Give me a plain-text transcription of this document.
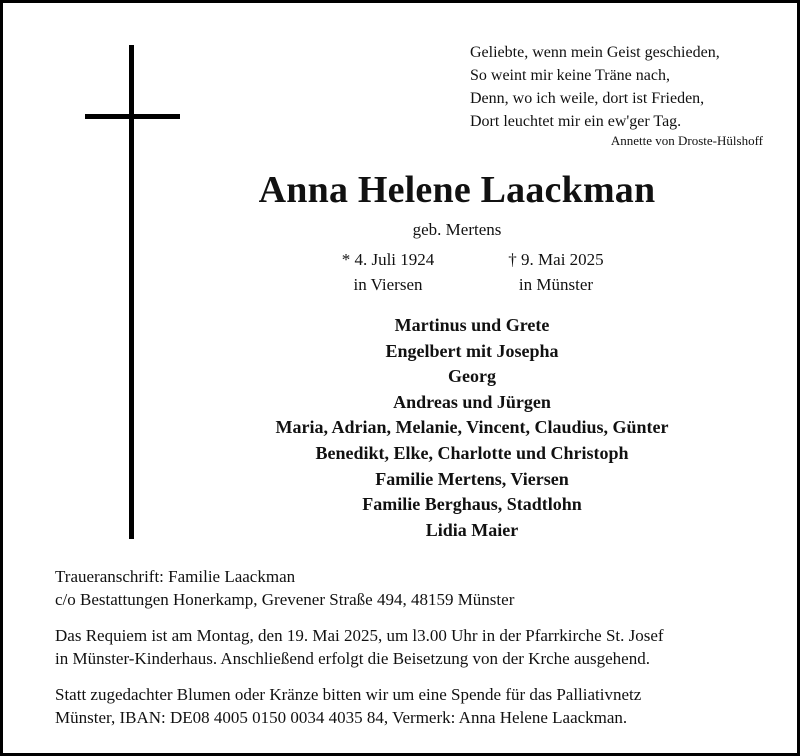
Geliebte, wenn mein Geist geschieden,
So weint mir keine Träne nach,
Denn, wo ich weile, dort ist Frieden,
Dort leuchtet mir ein ew'ger Tag.
Annette von Droste-Hülshoff
Anna Helene Laackman
geb. Mertens
* 4. Juli 1924
in Viersen
† 9. Mai 2025
in Münster
Martinus und Grete
Engelbert mit Josepha
Georg
Andreas und Jürgen
Maria, Adrian, Melanie, Vincent, Claudius, Günter
Benedikt, Elke, Charlotte und Christoph
Familie Mertens, Viersen
Familie Berghaus, Stadtlohn
Lidia Maier
Traueranschrift: Familie Laackman
c/o Bestattungen Honerkamp, Grevener Straße 494, 48159 Münster
Das Requiem ist am Montag, den 19. Mai 2025, um l3.00 Uhr in der Pfarrkirche St. Josef
in Münster-Kinderhaus. Anschließend erfolgt die Beisetzung von der Krche ausgehend.
Statt zugedachter Blumen oder Kränze bitten wir um eine Spende für das Palliativnetz
Münster, IBAN: DE08 4005 0150 0034 4035 84, Vermerk: Anna Helene Laackman.
